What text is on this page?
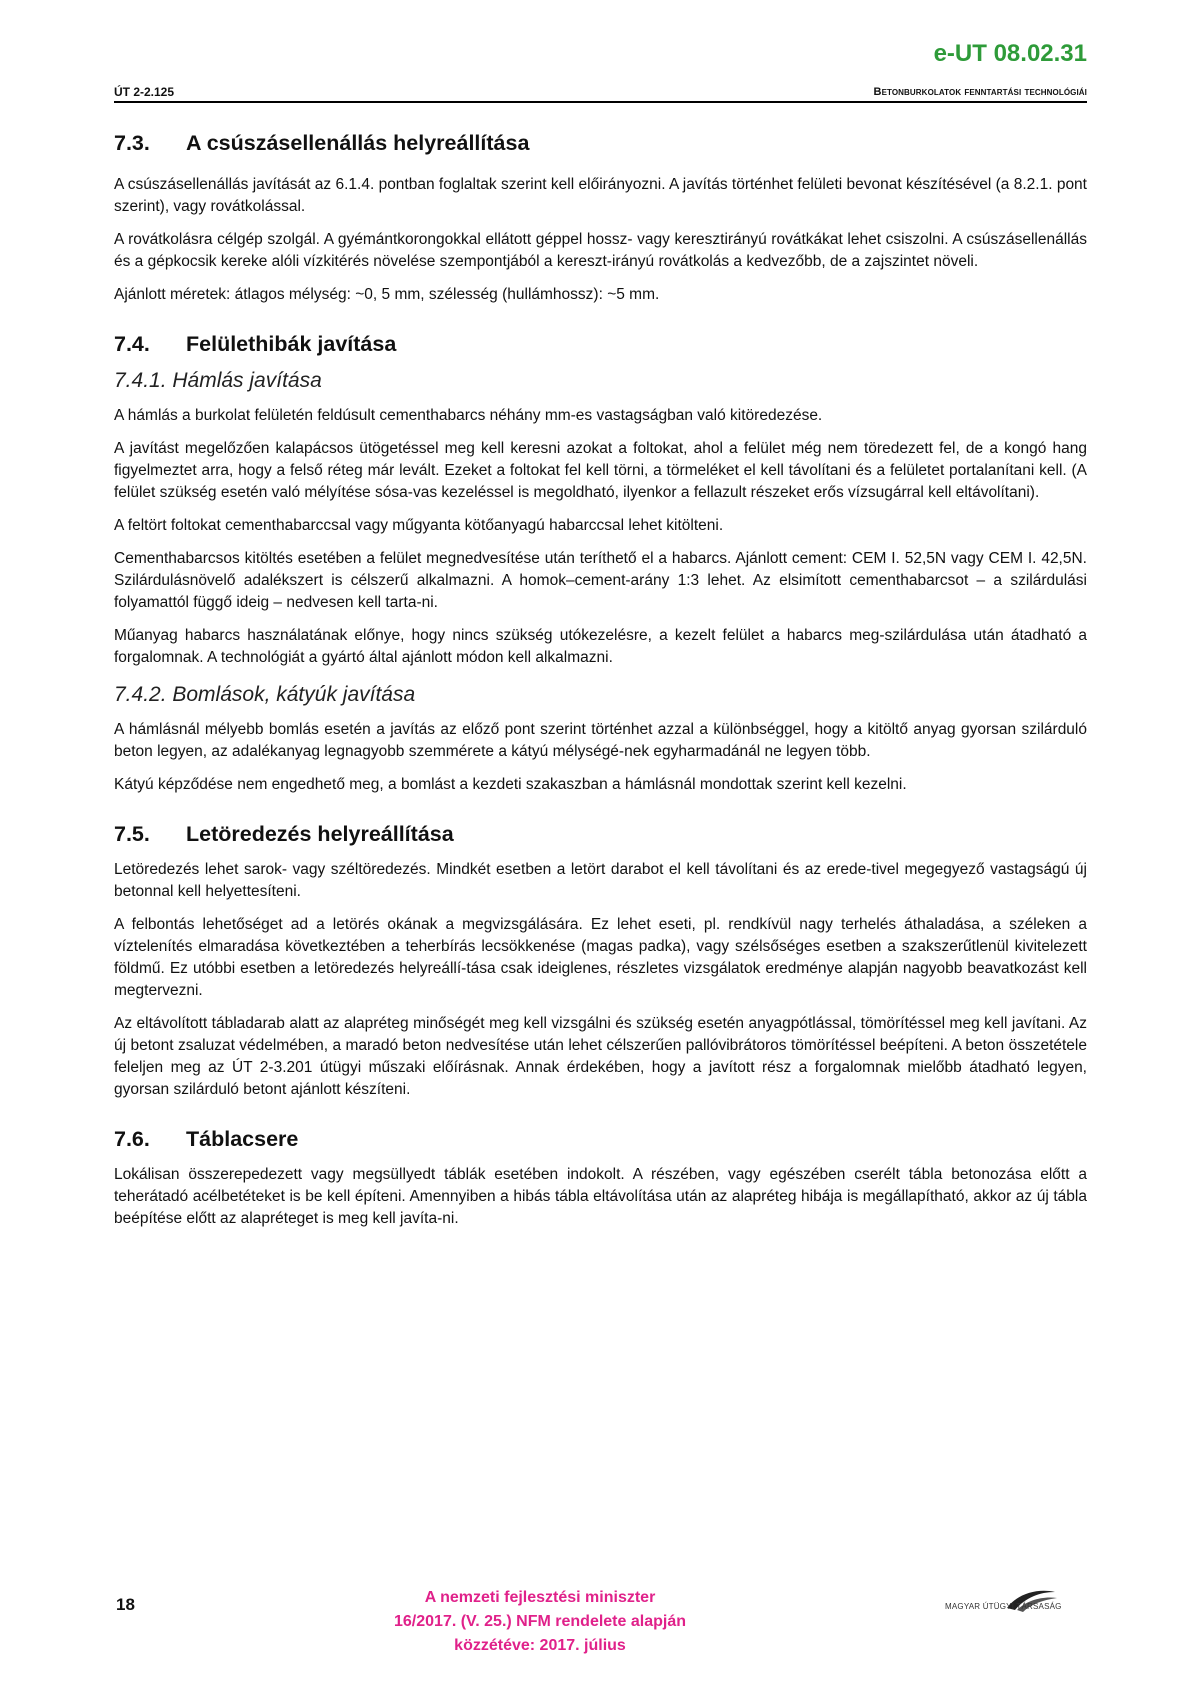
e-UT 08.02.31
ÚT 2-2.125	Betonburkolatok fenntartási technológiái
7.3.	A csúszásellenállás helyreállítása

A csúszásellenállás javítását az 6.1.4. pontban foglaltak szerint kell előirányozni. A javítás történhet felületi bevonat készítésével (a 8.2.1. pont szerint), vagy rovátkolással.

A rovátkolásra célgép szolgál. A gyémántkorongokkal ellátott géppel hossz- vagy keresztirányú rovátkákat lehet csiszolni. A csúszásellenállás és a gépkocsik kereke alóli vízkitérés növelése szempontjából a kereszt-irányú rovátkolás a kedvezőbb, de a zajszintet növeli.

Ajánlott méretek: átlagos mélység: ~0, 5 mm, szélesség (hullámhossz): ~5 mm.

7.4.	Felülethibák javítása
7.4.1. Hámlás javítása

A hámlás a burkolat felületén feldúsult cementhabarcs néhány mm-es vastagságban való kitöredezése.

A javítást megelőzően kalapácsos ütögetéssel meg kell keresni azokat a foltokat, ahol a felület még nem töredezett fel, de a kongó hang figyelmeztet arra, hogy a felső réteg már levált. Ezeket a foltokat fel kell törni, a törmeléket el kell távolítani és a felületet portalanítani kell. (A felület szükség esetén való mélyítése sósa-vas kezeléssel is megoldható, ilyenkor a fellazult részeket erős vízsugárral kell eltávolítani).

A feltört foltokat cementhabarccsal vagy műgyanta kötőanyagú habarccsal lehet kitölteni.

Cementhabarcsos kitöltés esetében a felület megnedvesítése után teríthető el a habarcs. Ajánlott cement: CEM I. 52,5N vagy CEM I. 42,5N. Szilárdulásnövelő adalékszert is célszerű alkalmazni. A homok–cement-arány 1:3 lehet. Az elsimított cementhabarcsot – a szilárdulási folyamattól függő ideig – nedvesen kell tarta-ni.

Műanyag habarcs használatának előnye, hogy nincs szükség utókezelésre, a kezelt felület a habarcs meg-szilárdulása után átadható a forgalomnak. A technológiát a gyártó által ajánlott módon kell alkalmazni.

7.4.2. Bomlások, kátyúk javítása

A hámlásnál mélyebb bomlás esetén a javítás az előző pont szerint történhet azzal a különbséggel, hogy a kitöltő anyag gyorsan szilárduló beton legyen, az adalékanyag legnagyobb szemmérete a kátyú mélységé-nek egyharmadánál ne legyen több.

Kátyú képződése nem engedhető meg, a bomlást a kezdeti szakaszban a hámlásnál mondottak szerint kell kezelni.

7.5.	Letöredezés helyreállítása

Letöredezés lehet sarok- vagy széltöredezés. Mindkét esetben a letört darabot el kell távolítani és az erede-tivel megegyező vastagságú új betonnal kell helyettesíteni.

A felbontás lehetőséget ad a letörés okának a megvizsgálására. Ez lehet eseti, pl. rendkívül nagy terhelés áthaladása, a széleken a víztelenítés elmaradása következtében a teherbírás lecsökkenése (magas padka), vagy szélsőséges esetben a szakszerűtlenül kivitelezett földmű. Ez utóbbi esetben a letöredezés helyreállí-tása csak ideiglenes, részletes vizsgálatok eredménye alapján nagyobb beavatkozást kell megtervezni.

Az eltávolított tábladarab alatt az alapréteg minőségét meg kell vizsgálni és szükség esetén anyagpótlással, tömörítéssel meg kell javítani. Az új betont zsaluzat védelmében, a maradó beton nedvesítése után lehet célszerűen pallóvibrátoros tömörítéssel beépíteni. A beton összetétele feleljen meg az ÚT 2-3.201 útügyi műszaki előírásnak. Annak érdekében, hogy a javított rész a forgalomnak mielőbb átadható legyen, gyorsan szilárduló betont ajánlott készíteni.

7.6.	Táblacsere

Lokálisan összerepedezett vagy megsüllyedt táblák esetében indokolt. A részében, vagy egészében cserélt tábla betonozása előtt a teherátadó acélbetéteket is be kell építeni. Amennyiben a hibás tábla eltávolítása után az alapréteg hibája is megállapítható, akkor az új tábla beépítése előtt az alapréteget is meg kell javíta-ni.

18	A nemzeti fejlesztési miniszter
16/2017. (V. 25.) NFM rendelete alapján
közzétéve: 2017. július
MAGYAR ÚTÜGYI TÁRSASÁG
